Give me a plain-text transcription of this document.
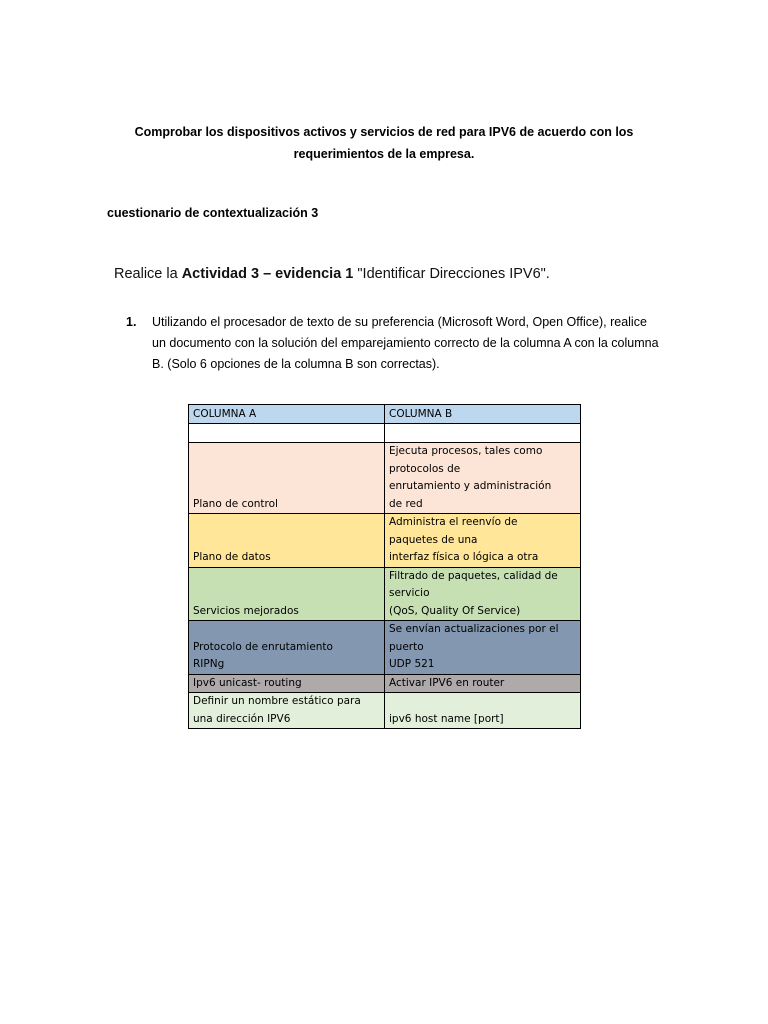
Comprobar los dispositivos activos y servicios de red para IPV6 de acuerdo con los requerimientos de la empresa.
cuestionario de contextualización 3

Realice la Actividad 3 – evidencia 1 "Identificar Direcciones IPV6".

1. Utilizando el procesador de texto de su preferencia (Microsoft Word, Open Office), realice un documento con la solución del emparejamiento correcto de la columna A con la columna B. (Solo 6 opciones de la columna B son correctas).
COLUMNA A	COLUMNA B

Plano de control	Ejecuta procesos, tales como
protocolos de
enrutamiento y administración
de red
Plano de datos	Administra el reenvío de
paquetes de una
interfaz física o lógica a otra
Servicios mejorados	Filtrado de paquetes, calidad de
servicio
(QoS, Quality Of Service)
Protocolo de enrutamiento
RIPNg	Se envían actualizaciones por el
puerto
UDP 521
Ipv6 unicast- routing	Activar IPV6 en router
Definir un nombre estático para
una dirección IPV6	ipv6 host name [port]
